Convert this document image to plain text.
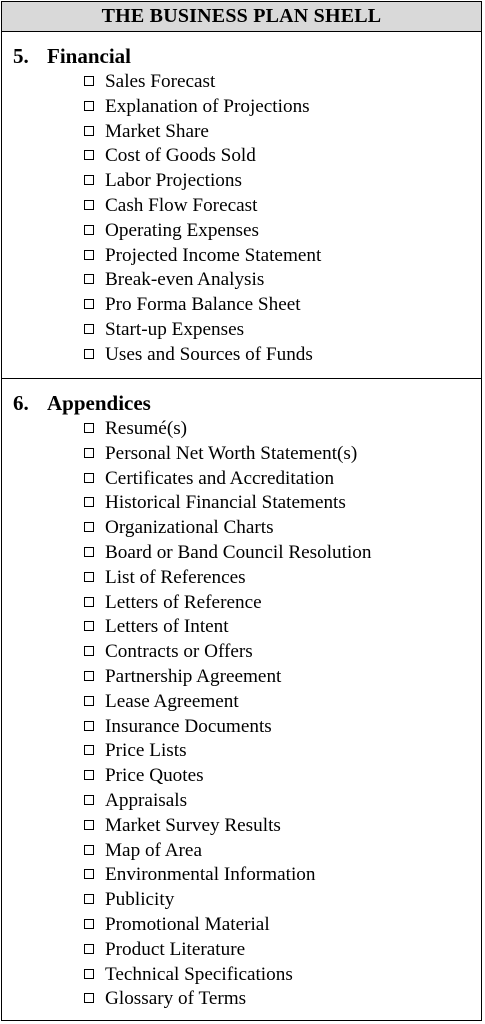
THE BUSINESS PLAN SHELL
5. Financial
Sales Forecast
Explanation of Projections
Market Share
Cost of Goods Sold
Labor Projections
Cash Flow Forecast
Operating Expenses
Projected Income Statement
Break-even Analysis
Pro Forma Balance Sheet
Start-up Expenses
Uses and Sources of Funds
6. Appendices
Resumé(s)
Personal Net Worth Statement(s)
Certificates and Accreditation
Historical Financial Statements
Organizational Charts
Board or Band Council Resolution
List of References
Letters of Reference
Letters of Intent
Contracts or Offers
Partnership Agreement
Lease Agreement
Insurance Documents
Price Lists
Price Quotes
Appraisals
Market Survey Results
Map of Area
Environmental Information
Publicity
Promotional Material
Product Literature
Technical Specifications
Glossary of Terms
